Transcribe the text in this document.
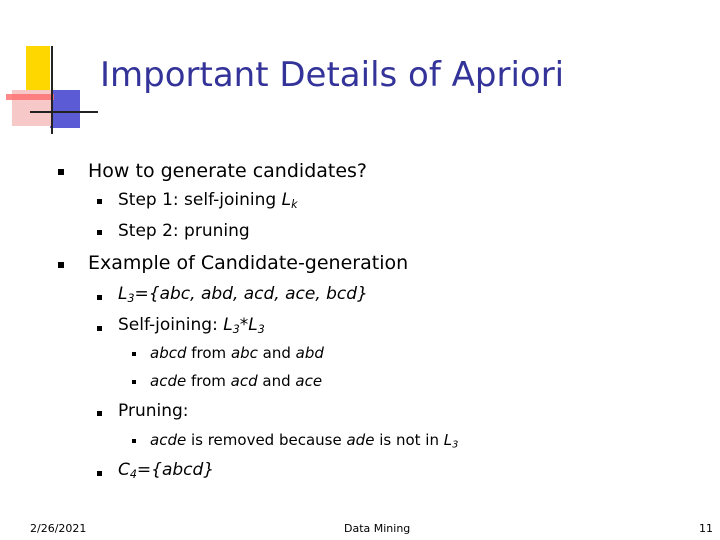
Important Details of Apriori
How to generate candidates?
Step 1: self-joining $L_k$
Step 2: pruning
Example of Candidate-generation
$L_3=\{abc$, abd, acd, ace, bcd}
Self-joining: $L_3*L_3$
abcd from abc and abd
acde from acd and ace
Pruning:
acde is removed because ade is not in $L_3$
$C_4=\{abcd\}$
2/26/2021	Data Mining	11
